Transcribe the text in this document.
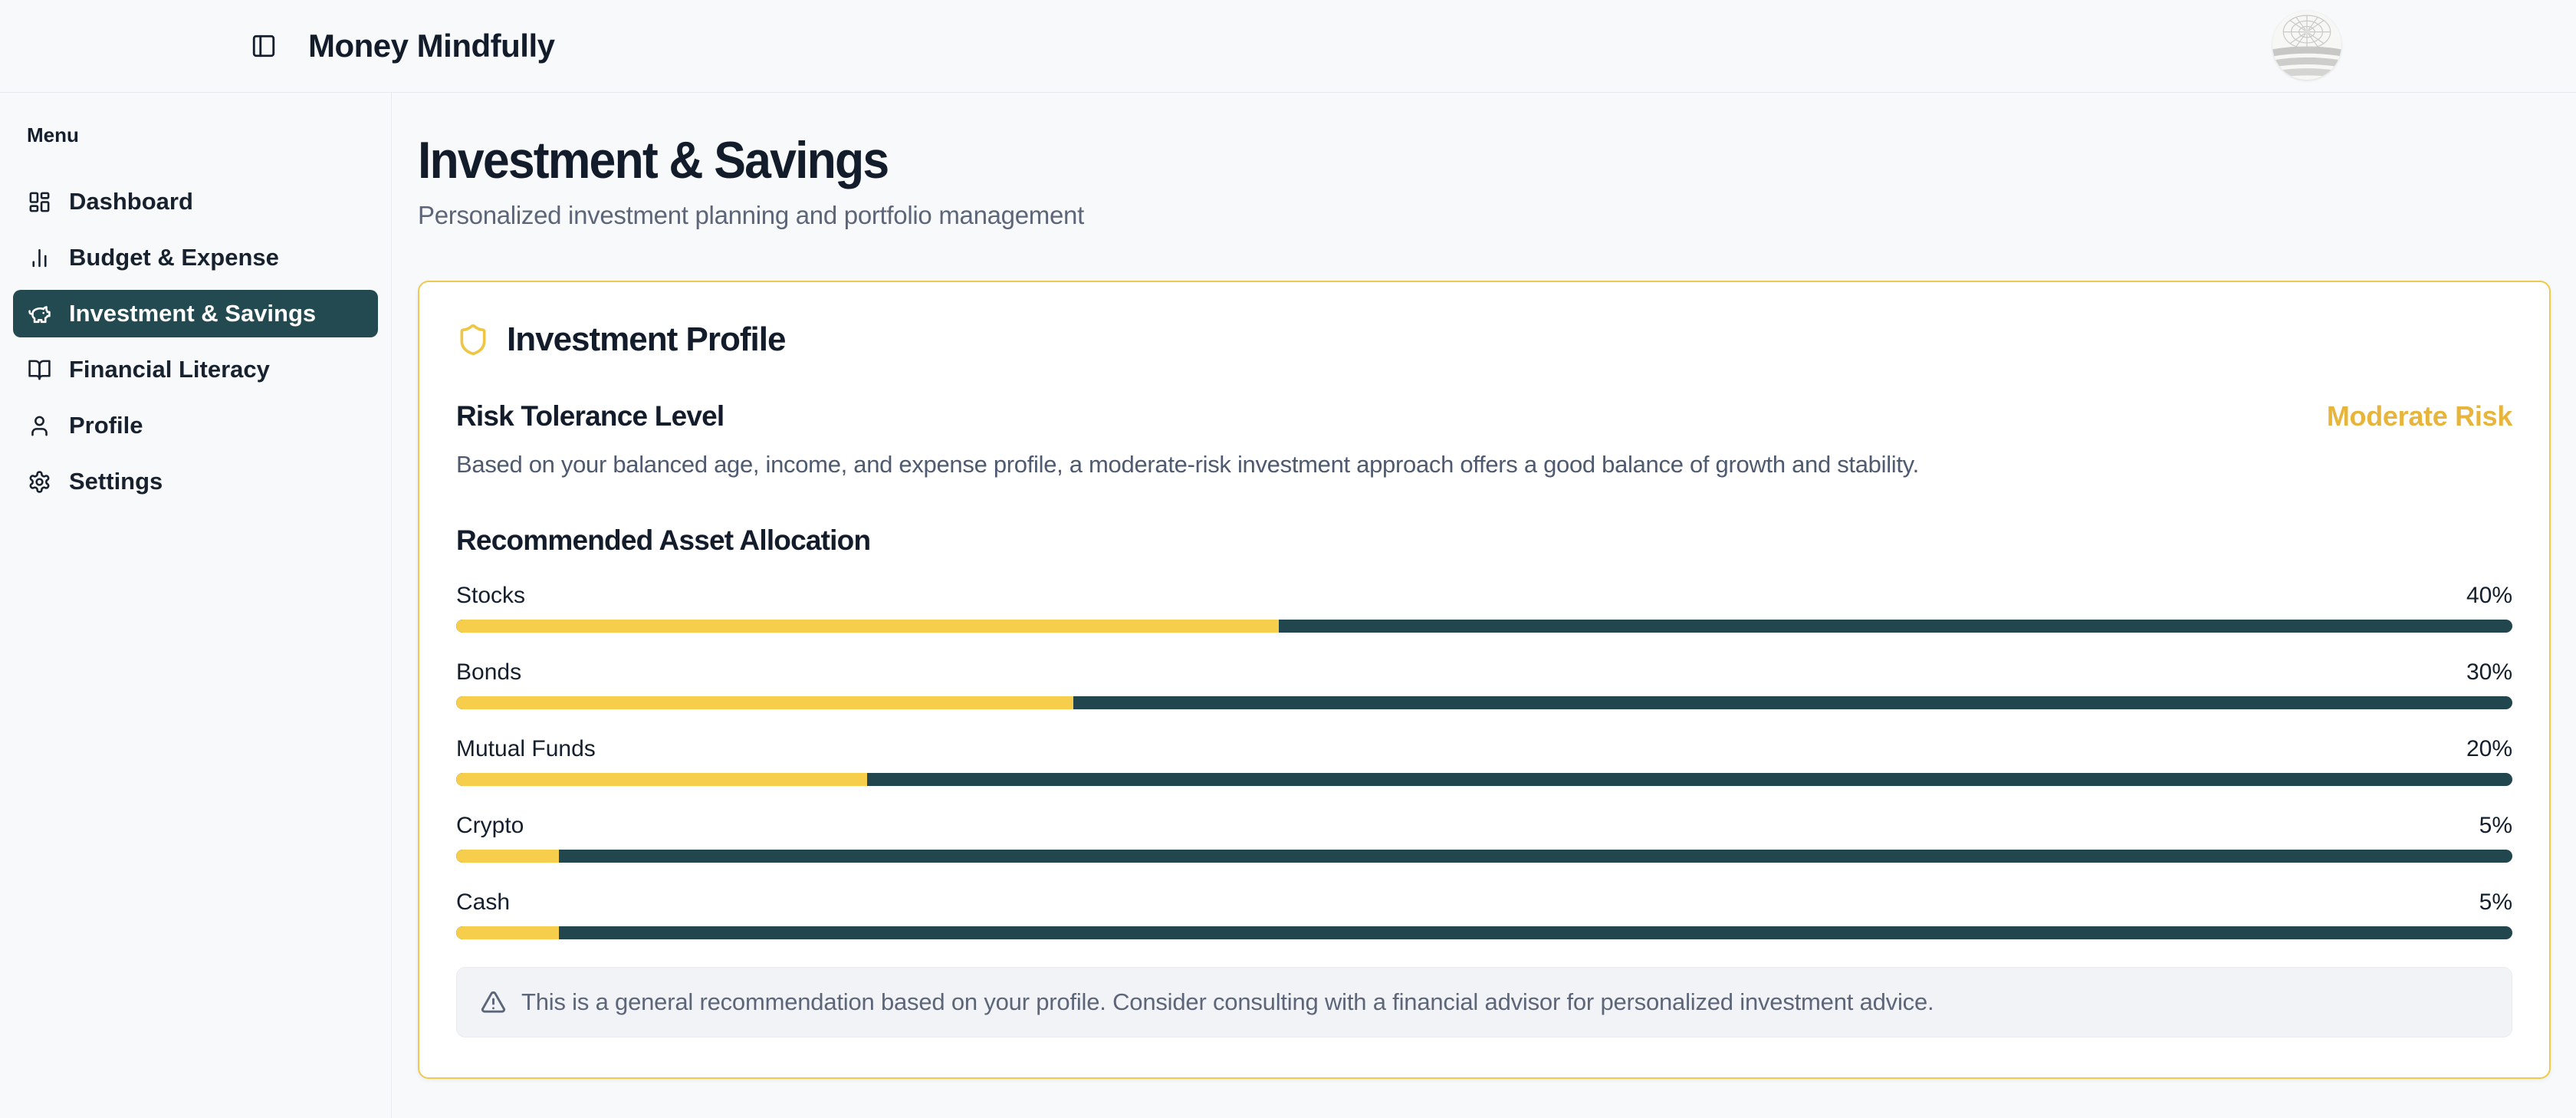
Money Mindfully
Menu
Dashboard
Budget & Expense
Investment & Savings
Financial Literacy
Profile
Settings
Investment & Savings

Personalized investment planning and portfolio management

Investment Profile
Risk Tolerance Level	Moderate Risk

Based on your balanced age, income, and expense profile, a moderate-risk investment approach offers a good balance of growth and stability.

Recommended Asset Allocation
Stocks	40%
Bonds	30%
Mutual Funds	20%
Crypto	5%
Cash	5%
This is a general recommendation based on your profile. Consider consulting with a financial advisor for personalized investment advice.
